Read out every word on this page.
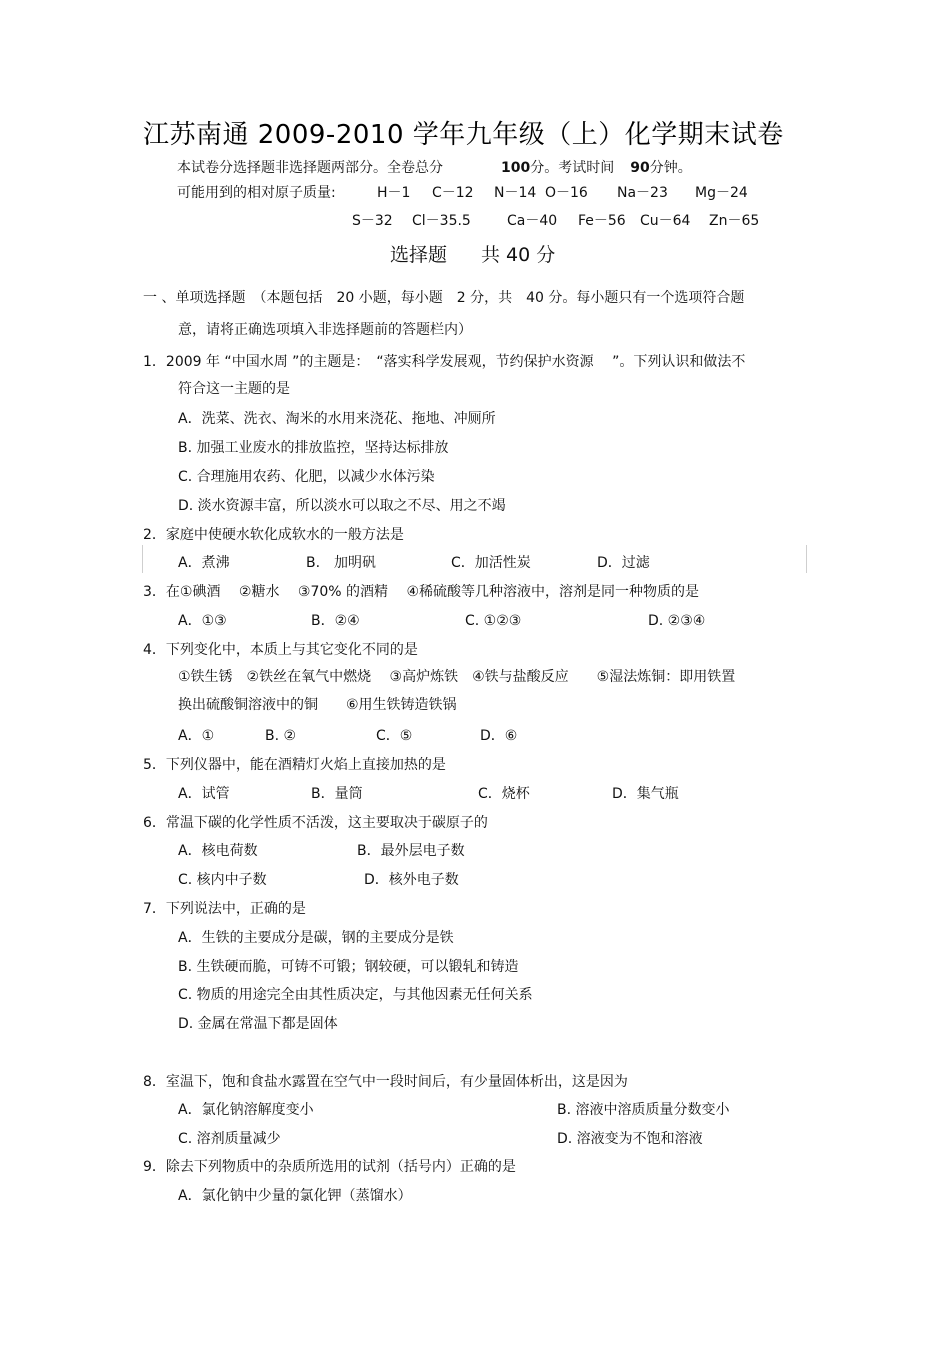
江苏南通 2009-2010 学年九年级（上）化学期末试卷
本试卷分选择题非选择题两部分。全卷总分	100分。考试时间 90分钟。
可能用到的相对原子质量:	H－1 C－12 N－14 O－16 Na－23 Mg－24
S－32 Cl－35.5	Ca－40 Fe－56 Cu－64 Zn－65
选择题 共 40 分
一 、单项选择题　（本题包括　20 小题，每小题　2 分，共　40 分。每小题只有一个选项符合题
意，请将正确选项填入非选择题前的答题栏内）
1．2009 年 “中国水周 ”的主题是：　“落实科学发展观，节约保护水资源　 ”。下列认识和做法不
符合这一主题的是
A．洗菜、洗衣、淘米的水用来浇花、拖地、冲厕所
B. 加强工业废水的排放监控，坚持达标排放
C. 合理施用农药、化肥，以减少水体污染
D. 淡水资源丰富，所以淡水可以取之不尽、用之不竭
2．家庭中使硬水软化成软水的一般方法是
A．煮沸	B.　加明矾	C．加活性炭	D．过滤
3．在①碘酒　 ②糖水　 ③70% 的酒精　 ④稀硫酸等几种溶液中，溶剂是同一种物质的是
A．①③	B．②④	C. ①②③	D. ②③④
4．下列变化中，本质上与其它变化不同的是
①铁生锈　②铁丝在氧气中燃烧　 ③高炉炼铁　④铁与盐酸反应　　⑤湿法炼铜：即用铁置
换出硫酸铜溶液中的铜　　⑥用生铁铸造铁锅
A．①	B. ②	C．⑤	D．⑥
5．下列仪器中，能在酒精灯火焰上直接加热的是
A．试管	B．量筒	C．烧杯	D．集气瓶
6．常温下碳的化学性质不活泼，这主要取决于碳原子的
A．核电荷数	B．最外层电子数
C. 核内中子数	D．核外电子数
7．下列说法中，正确的是
A．生铁的主要成分是碳，钢的主要成分是铁
B. 生铁硬而脆，可铸不可锻；钢较硬，可以锻轧和铸造
C. 物质的用途完全由其性质决定，与其他因素无任何关系
D. 金属在常温下都是固体
8．室温下，饱和食盐水露置在空气中一段时间后，有少量固体析出，这是因为
A．氯化钠溶解度变小	B. 溶液中溶质质量分数变小
C. 溶剂质量减少	D. 溶液变为不饱和溶液
9．除去下列物质中的杂质所选用的试剂（括号内）正确的是
A．氯化钠中少量的氯化钾（蒸馏水）
